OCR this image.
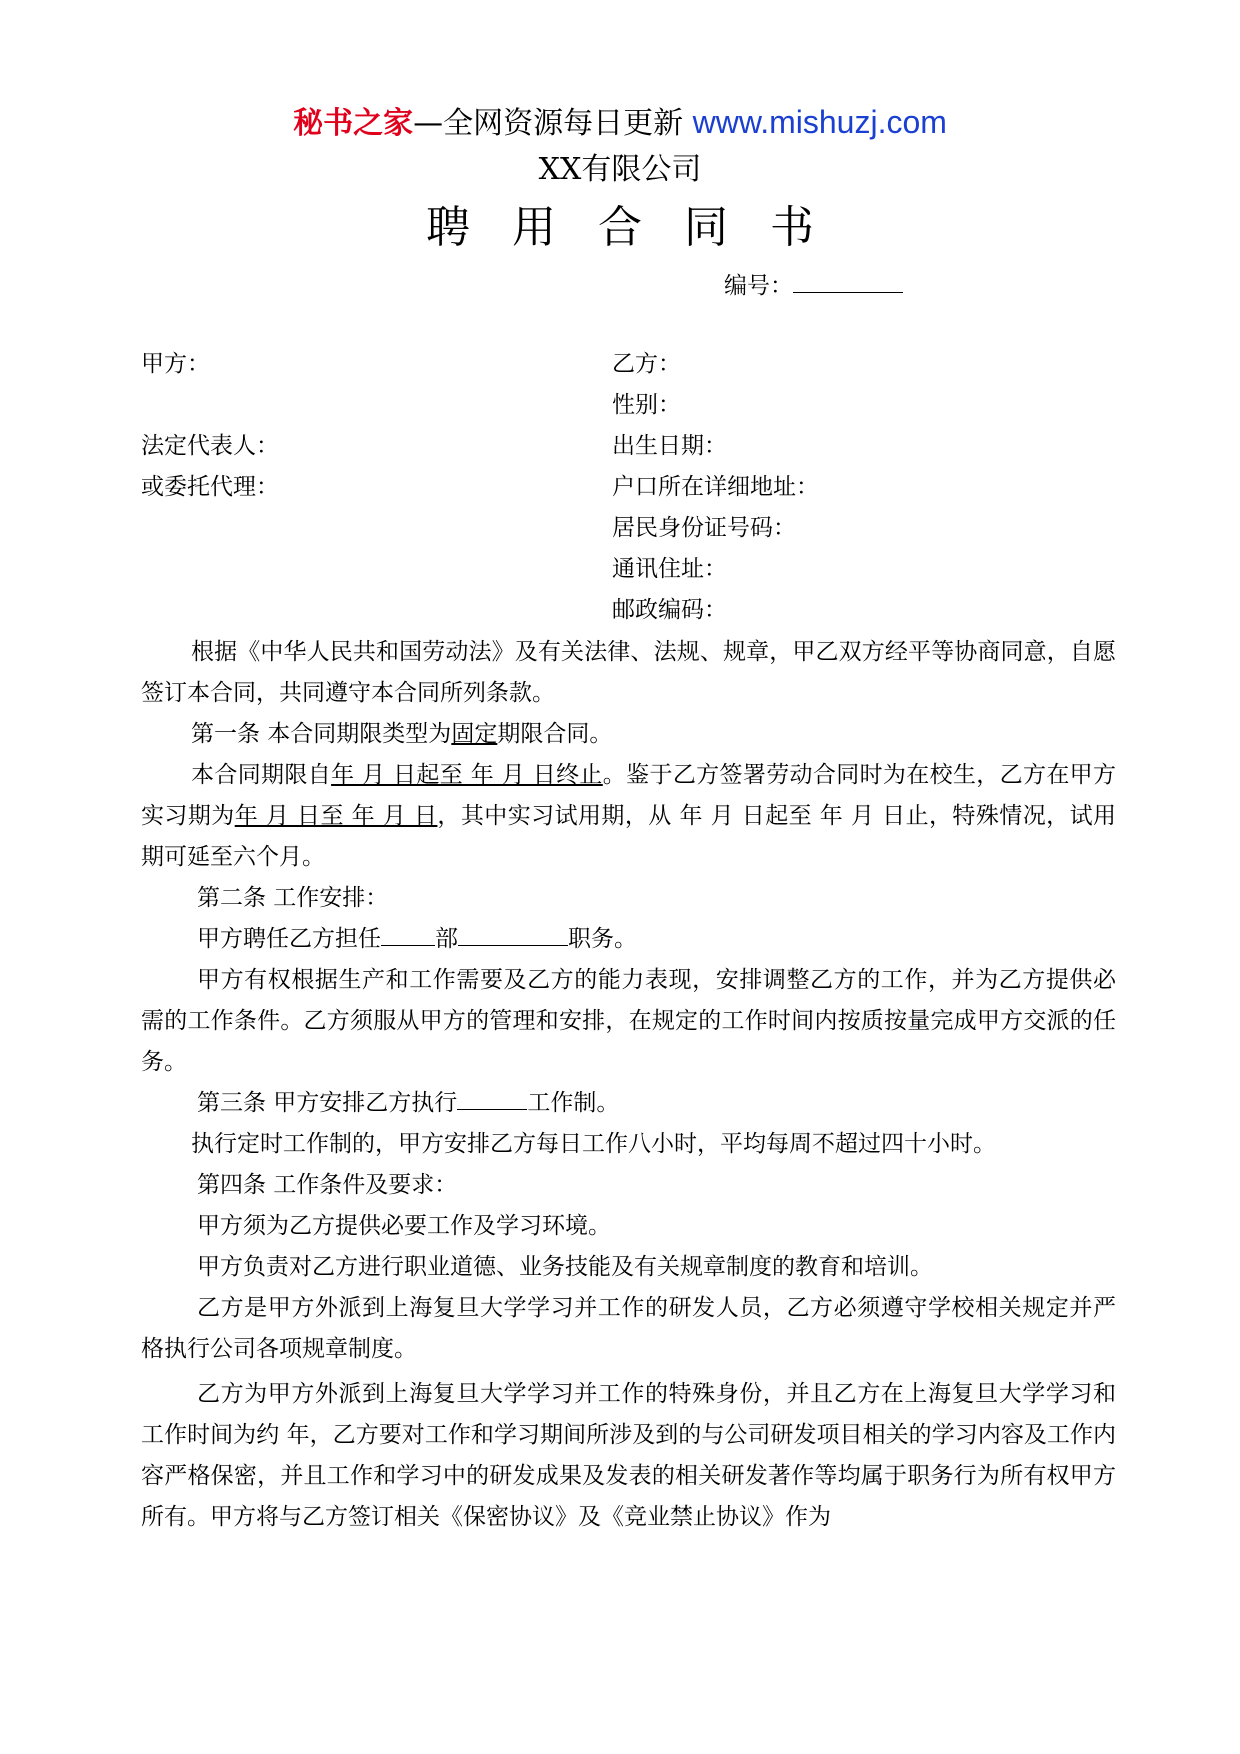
秘书之家—全网资源每日更新 www.mishuzj.com
XX有限公司
聘用合同书
编号：
甲方：
法定代表人：
或委托代理：
乙方：
性别：
出生日期：
户口所在详细地址：
居民身份证号码：
通讯住址：
邮政编码：

根据《中华人民共和国劳动法》及有关法律、法规、规章，甲乙双方经平等协商同意，自愿签订本合同，共同遵守本合同所列条款。

第一条 本合同期限类型为固定期限合同。

本合同期限自年 月 日起至 年 月 日终止。鉴于乙方签署劳动合同时为在校生，乙方在甲方实习期为年 月 日至 年 月 日，其中实习试用期，从 年 月 日起至 年 月 日止，特殊情况，试用期可延至六个月。

第二条 工作安排：

甲方聘任乙方担任 部	职务。

甲方有权根据生产和工作需要及乙方的能力表现，安排调整乙方的工作，并为乙方提供必需的工作条件。乙方须服从甲方的管理和安排，在规定的工作时间内按质按量完成甲方交派的任务。

第三条 甲方安排乙方执行	工作制。

执行定时工作制的，甲方安排乙方每日工作八小时，平均每周不超过四十小时。

第四条 工作条件及要求：

甲方须为乙方提供必要工作及学习环境。

甲方负责对乙方进行职业道德、业务技能及有关规章制度的教育和培训。

乙方是甲方外派到上海复旦大学学习并工作的研发人员，乙方必须遵守学校相关规定并严格执行公司各项规章制度。

乙方为甲方外派到上海复旦大学学习并工作的特殊身份，并且乙方在上海复旦大学学习和工作时间为约 年，乙方要对工作和学习期间所涉及到的与公司研发项目相关的学习内容及工作内容严格保密，并且工作和学习中的研发成果及发表的相关研发著作等均属于职务行为所有权甲方所有。甲方将与乙方签订相关《保密协议》及《竞业禁止协议》作为
